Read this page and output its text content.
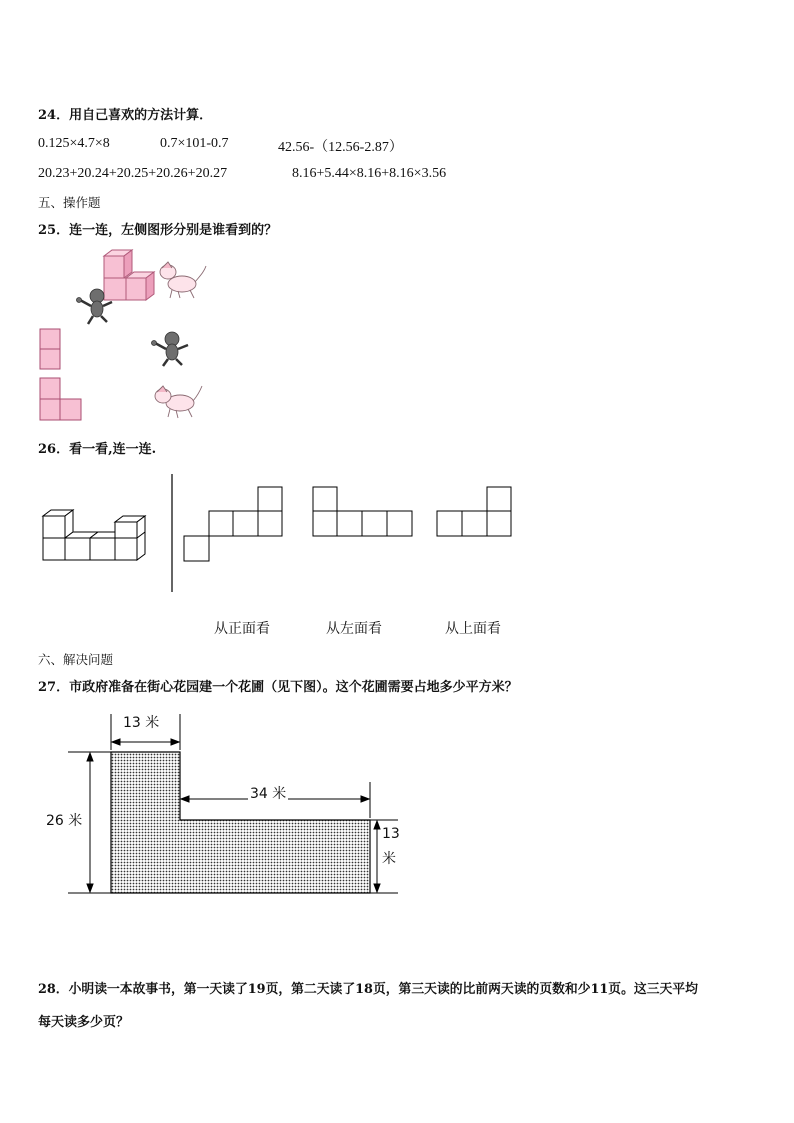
24．用自己喜欢的方法计算．
0.125×4.7×8	0.7×101-0.7	42.56-（12.56-2.87）
20.23+20.24+20.25+20.26+20.27	8.16+5.44×8.16+8.16×3.56
五、操作题
25．连一连，左侧图形分别是谁看到的？
26．看一看,连一连.
从正面看	从左面看	从上面看
六、解决问题
27．市政府准备在街心花园建一个花圃（见下图）。这个花圃需要占地多少平方米？
13 米
34 米
26 米
13
米
28．小明读一本故事书，第一天读了19页，第二天读了18页，第三天读的比前两天读的页数和少11页。这三天平均
每天读多少页？
